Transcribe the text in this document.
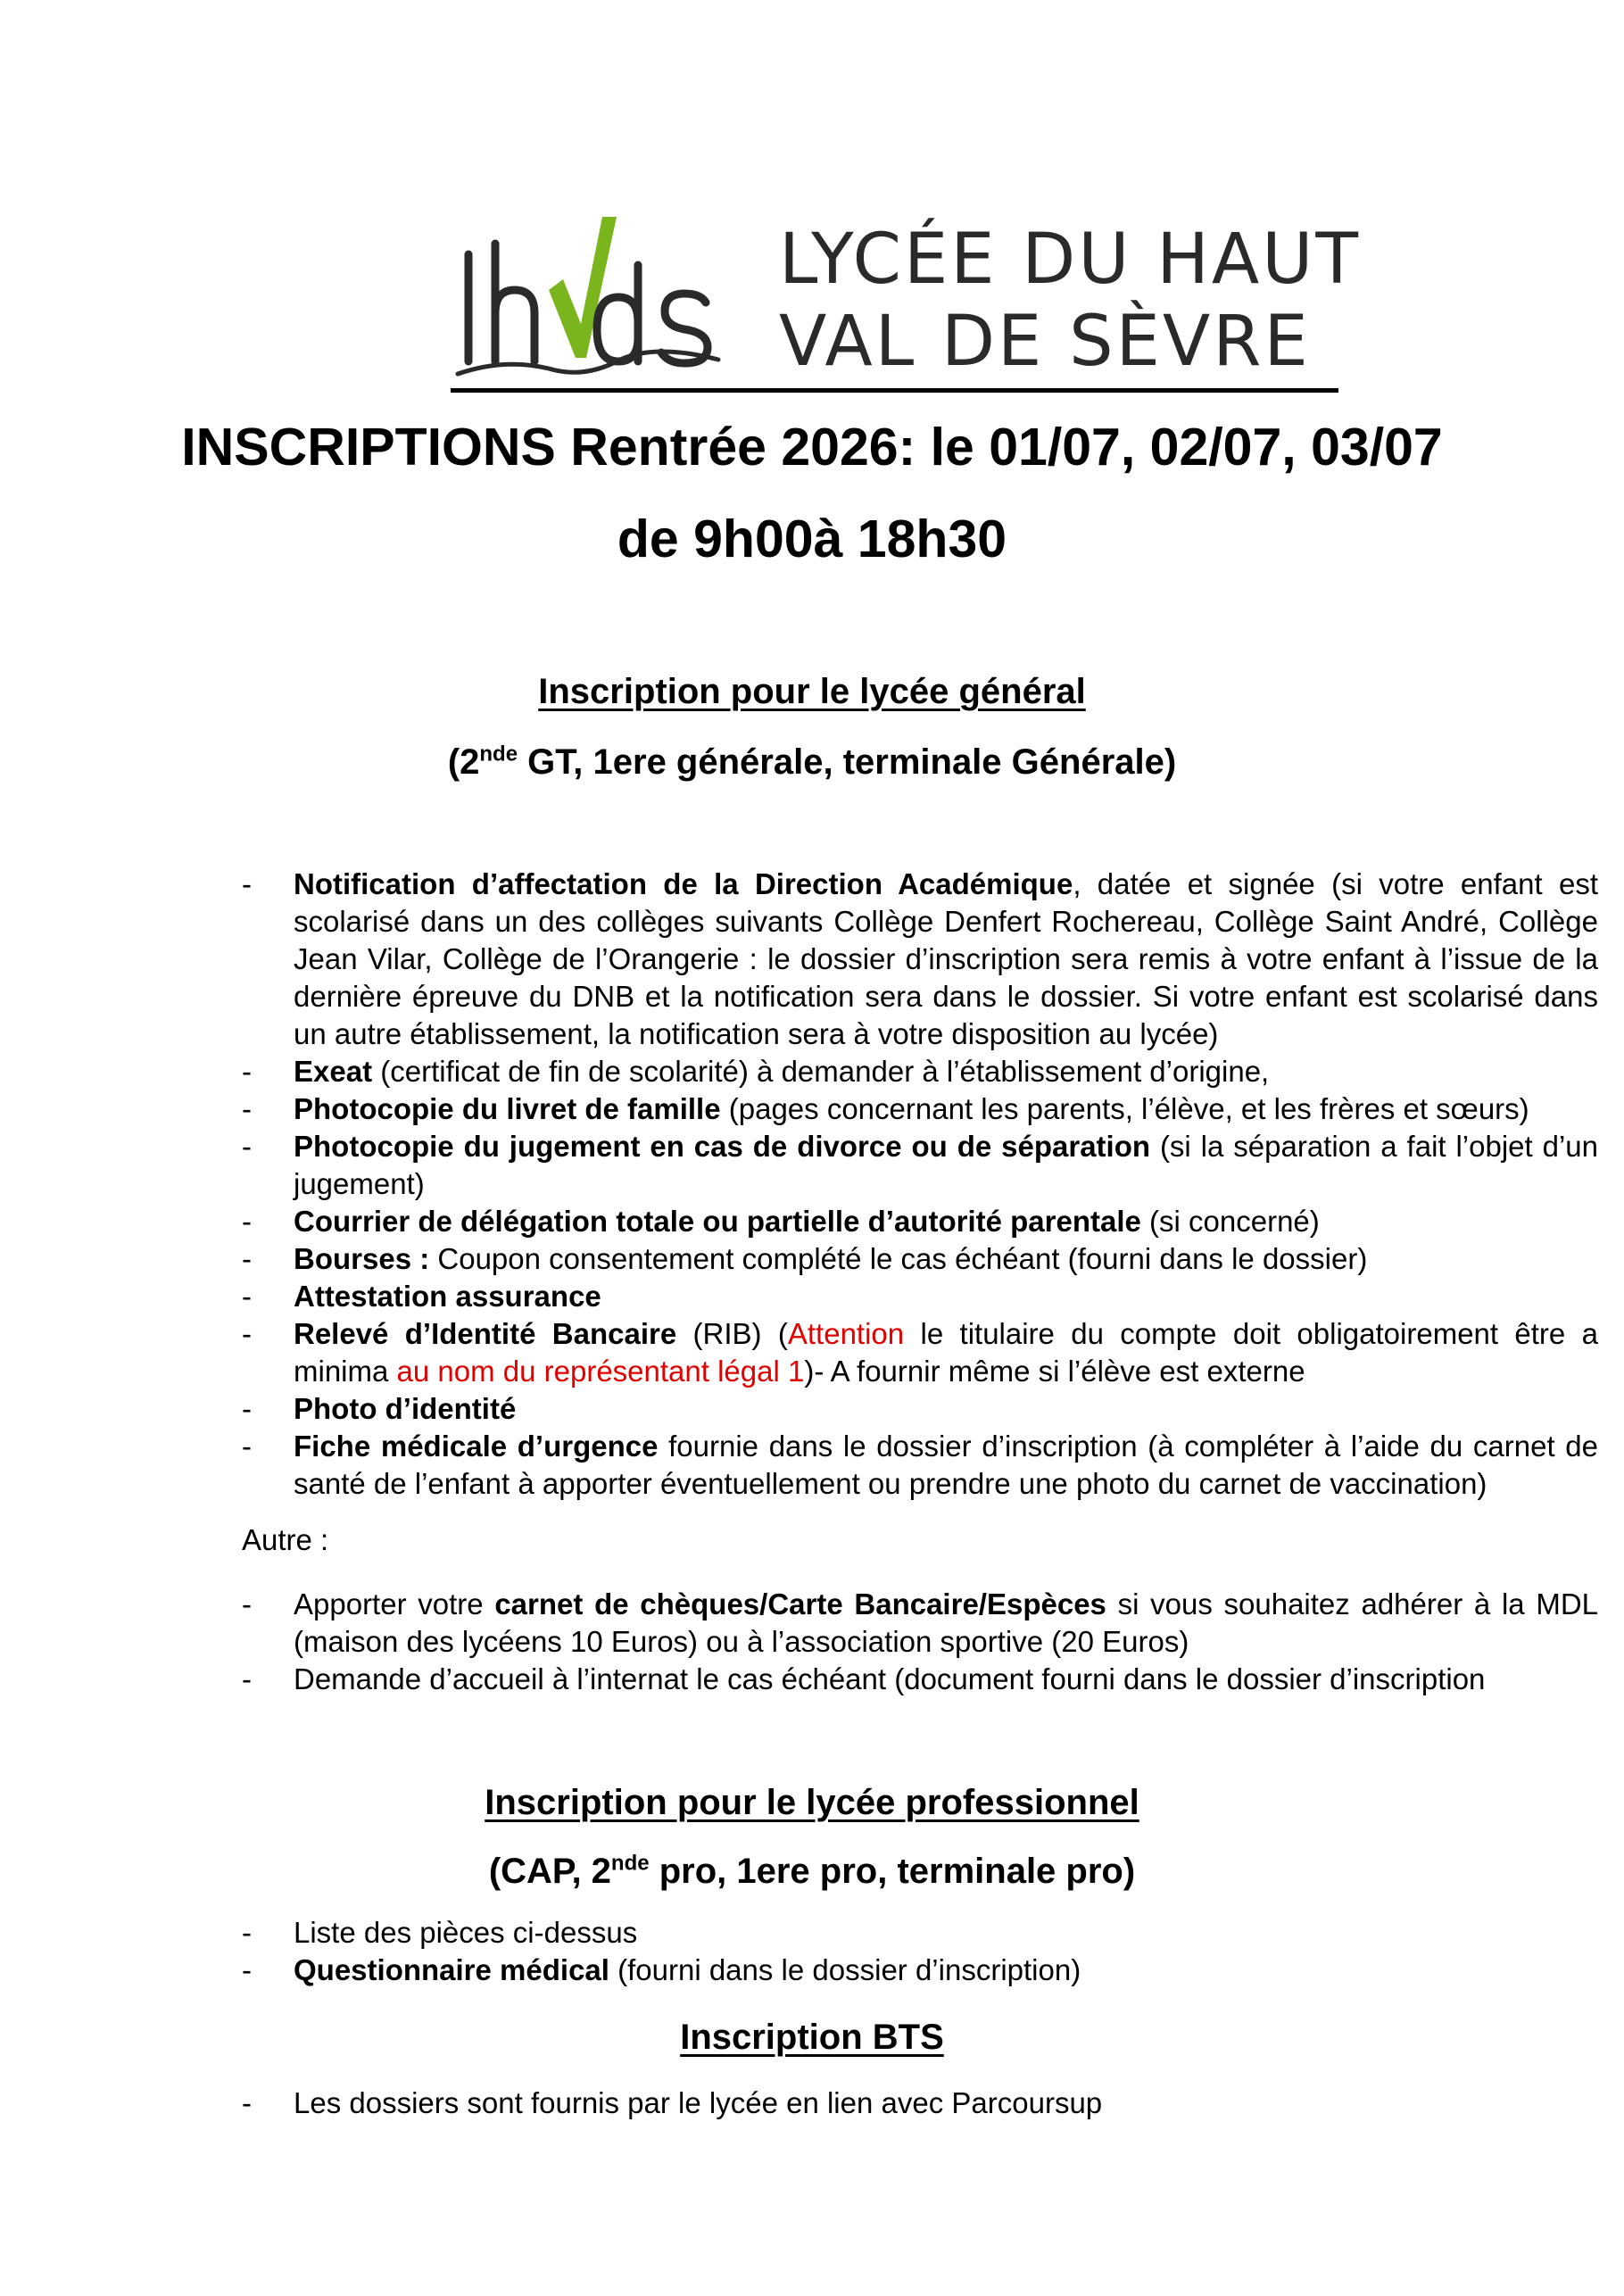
LYCÉE DU HAUT
VAL DE SÈVRE
INSCRIPTIONS Rentrée 2026: le 01/07, 02/07, 03/07
de 9h00à 18h30
Inscription pour le lycée général
(2nde GT, 1ere générale, terminale Générale)
- Notification d’affectation de la Direction Académique, datée et signée (si votre enfant est scolarisé dans un des collèges suivants Collège Denfert Rochereau, Collège Saint André, Collège Jean Vilar, Collège de l’Orangerie : le dossier d’inscription sera remis à votre enfant à l’issue de la dernière épreuve du DNB et la notification sera dans le dossier. Si votre enfant est scolarisé dans un autre établissement, la notification sera à votre disposition au lycée)
- Exeat (certificat de fin de scolarité) à demander à l’établissement d’origine,
- Photocopie du livret de famille (pages concernant les parents, l’élève, et les frères et sœurs)
- Photocopie du jugement en cas de divorce ou de séparation (si la séparation a fait l’objet d’un jugement)
- Courrier de délégation totale ou partielle d’autorité parentale (si concerné)
- Bourses : Coupon consentement complété le cas échéant (fourni dans le dossier)
- Attestation assurance
- Relevé d’Identité Bancaire (RIB) (Attention le titulaire du compte doit obligatoirement être a minima au nom du représentant légal 1)- A fournir même si l’élève est externe
- Photo d’identité
- Fiche médicale d’urgence fournie dans le dossier d’inscription (à compléter à l’aide du carnet de santé de l’enfant à apporter éventuellement ou prendre une photo du carnet de vaccination)
Autre :
- Apporter votre carnet de chèques/Carte Bancaire/Espèces si vous souhaitez adhérer à la MDL (maison des lycéens 10 Euros) ou à l’association sportive (20 Euros)
- Demande d’accueil à l’internat le cas échéant (document fourni dans le dossier d’inscription
Inscription pour le lycée professionnel
(CAP, 2nde pro, 1ere pro, terminale pro)
- Liste des pièces ci-dessus
- Questionnaire médical (fourni dans le dossier d’inscription)
Inscription BTS
- Les dossiers sont fournis par le lycée en lien avec Parcoursup
